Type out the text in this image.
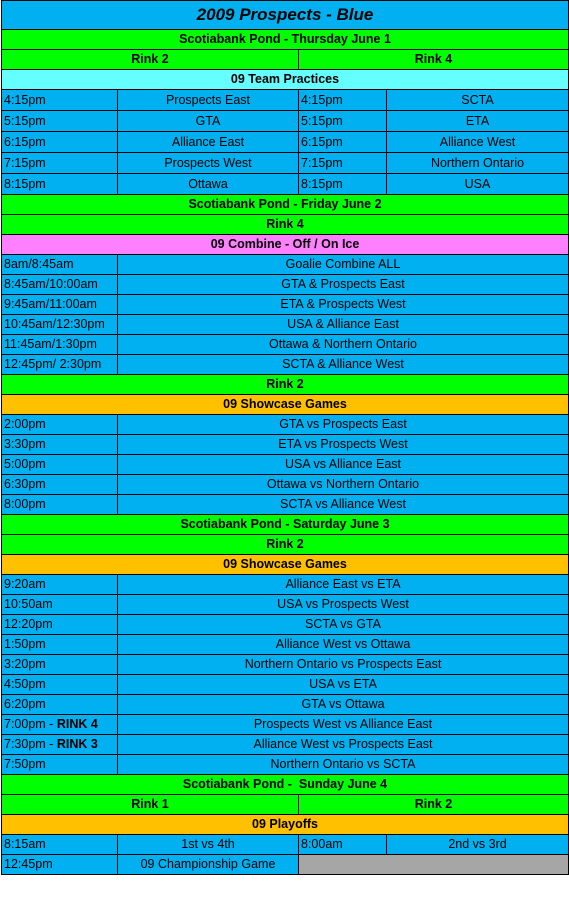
2009 Prospects - Blue			
Scotiabank Pond - Thursday June 1			
Rink 2		Rink 4	
09 Team Practices			
4:15pm	Prospects East	4:15pm	SCTA
5:15pm	GTA	5:15pm	ETA
6:15pm	Alliance East	6:15pm	Alliance West
7:15pm	Prospects West	7:15pm	Northern Ontario
8:15pm	Ottawa	8:15pm	USA
Scotiabank Pond - Friday June 2			
Rink 4			
09 Combine - Off / On Ice			
8am/8:45am	Goalie Combine ALL		
8:45am/10:00am	GTA & Prospects East		
9:45am/11:00am	ETA & Prospects West		
10:45am/12:30pm	USA & Alliance East		
11:45am/1:30pm	Ottawa & Northern Ontario		
12:45pm/ 2:30pm	SCTA & Alliance West		
Rink 2			
09 Showcase Games			
2:00pm	GTA vs Prospects East		
3:30pm	ETA vs Prospects West		
5:00pm	USA vs Alliance East		
6:30pm	Ottawa vs Northern Ontario		
8:00pm	SCTA vs Alliance West		
Scotiabank Pond - Saturday June 3			
Rink 2			
09 Showcase Games			
9:20am	Alliance East vs ETA		
10:50am	USA vs Prospects West		
12:20pm	SCTA vs GTA		
1:50pm	Alliance West vs Ottawa		
3:20pm	Northern Ontario vs Prospects East		
4:50pm	USA vs ETA		
6:20pm	GTA vs Ottawa		
7:00pm - RINK 4	Prospects West vs Alliance East		
7:30pm - RINK 3	Alliance West vs Prospects East		
7:50pm	Northern Ontario vs SCTA		
Scotiabank Pond -  Sunday June 4			
Rink 1		Rink 2	
09 Playoffs			
8:15am	1st vs 4th	8:00am	2nd vs 3rd
12:45pm	09 Championship Game		
